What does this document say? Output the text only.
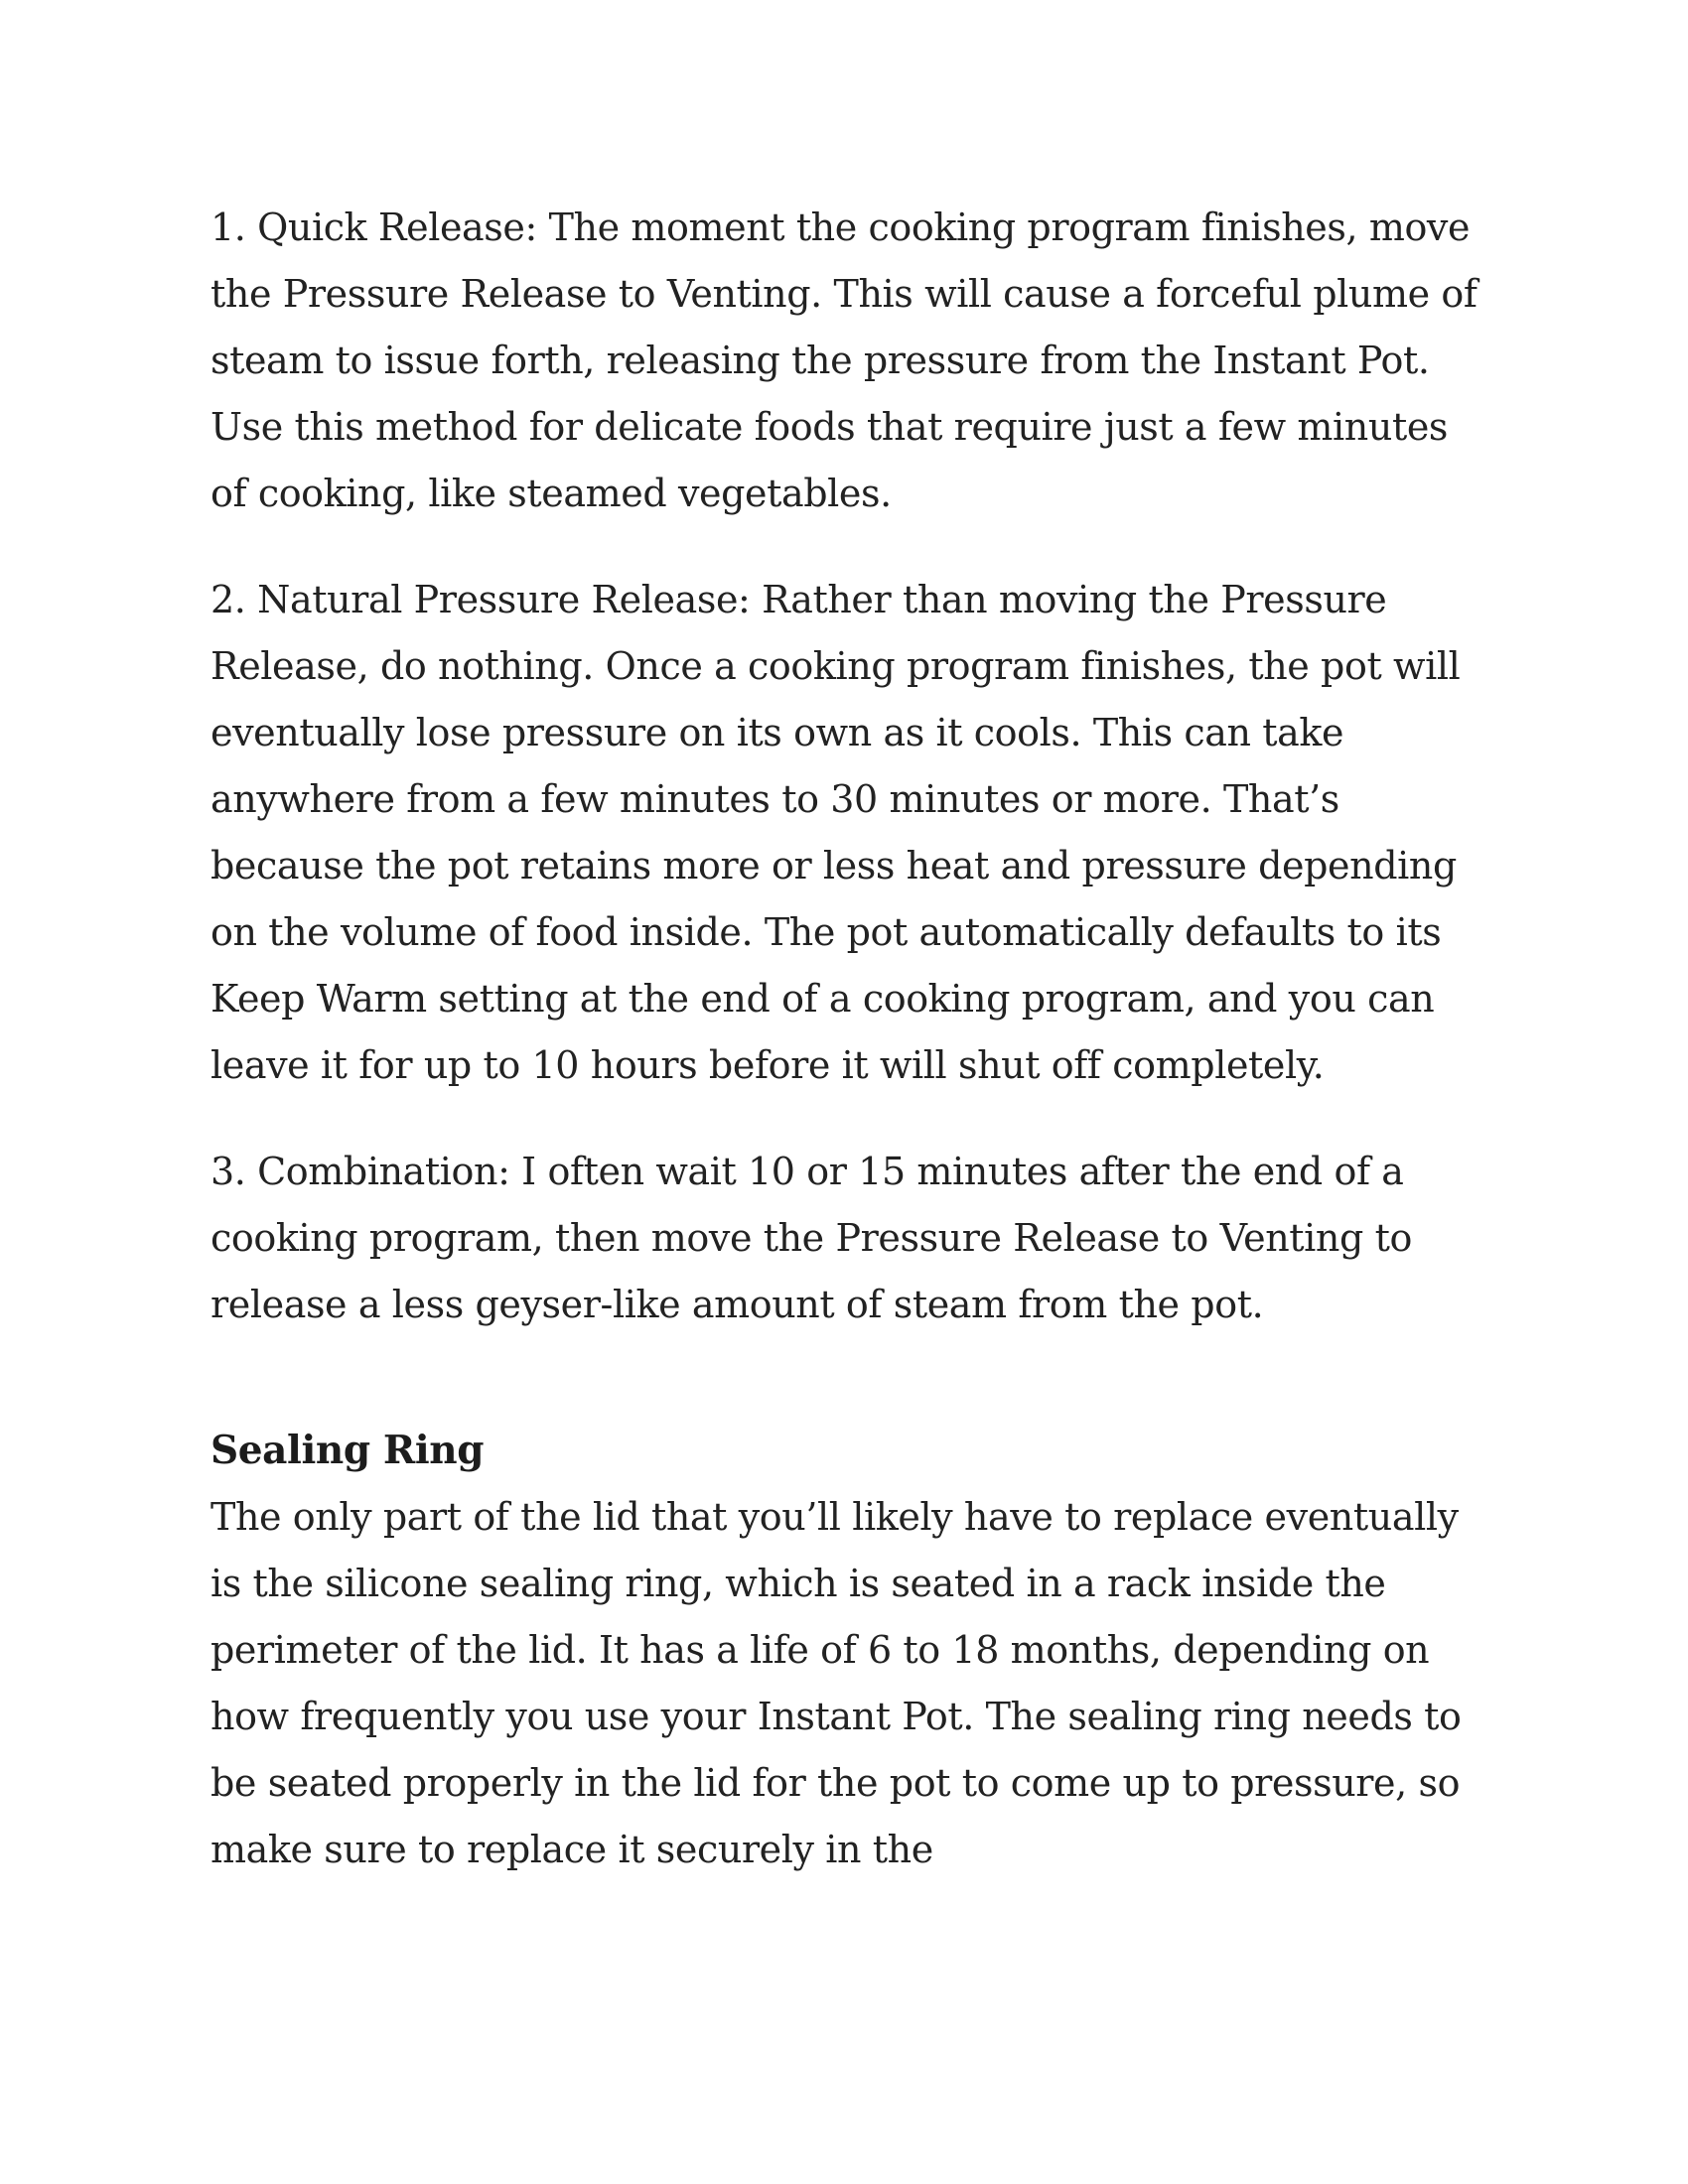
1. Quick Release: The moment the cooking program finishes, move the Pressure Release to Venting. This will cause a forceful plume of steam to issue forth, releasing the pressure from the Instant Pot. Use this method for delicate foods that require just a few minutes of cooking, like steamed vegetables.

2. Natural Pressure Release: Rather than moving the Pressure Release, do nothing. Once a cooking program finishes, the pot will eventually lose pressure on its own as it cools. This can take anywhere from a few minutes to 30 minutes or more. That’s because the pot retains more or less heat and pressure depending on the volume of food inside. The pot automatically defaults to its Keep Warm setting at the end of a cooking program, and you can leave it for up to 10 hours before it will shut off completely.

3. Combination: I often wait 10 or 15 minutes after the end of a cooking program, then move the Pressure Release to Venting to release a less geyser-like amount of steam from the pot.

Sealing Ring

The only part of the lid that you’ll likely have to replace eventually is the silicone sealing ring, which is seated in a rack inside the perimeter of the lid. It has a life of 6 to 18 months, depending on how frequently you use your Instant Pot. The sealing ring needs to be seated properly in the lid for the pot to come up to pressure, so make sure to replace it securely in the
